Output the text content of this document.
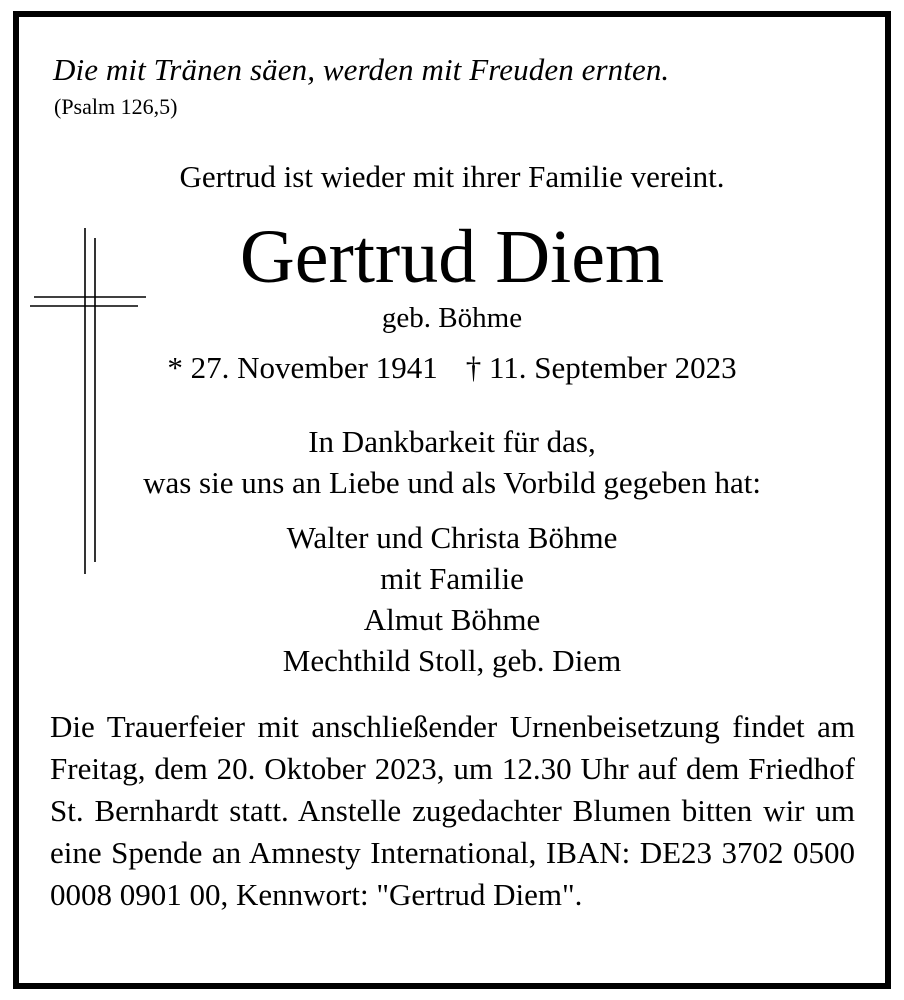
Die mit Tränen säen, werden mit Freuden ernten.
(Psalm 126,5)
Gertrud ist wieder mit ihrer Familie vereint.
Gertrud Diem
geb. Böhme
* 27. November 1941 † 11. September 2023
In Dankbarkeit für das,
was sie uns an Liebe und als Vorbild gegeben hat:
Walter und Christa Böhme
mit Familie
Almut Böhme
Mechthild Stoll, geb. Diem
Die Trauerfeier mit anschließender Urnenbeisetzung findet am Freitag, dem 20. Oktober 2023, um 12.30 Uhr auf dem Friedhof St. Bernhardt statt. Anstelle zugedachter Blumen bitten wir um eine Spende an Amnesty International, IBAN: DE23 3702 0500 0008 0901 00, Kennwort: "Gertrud Diem".
